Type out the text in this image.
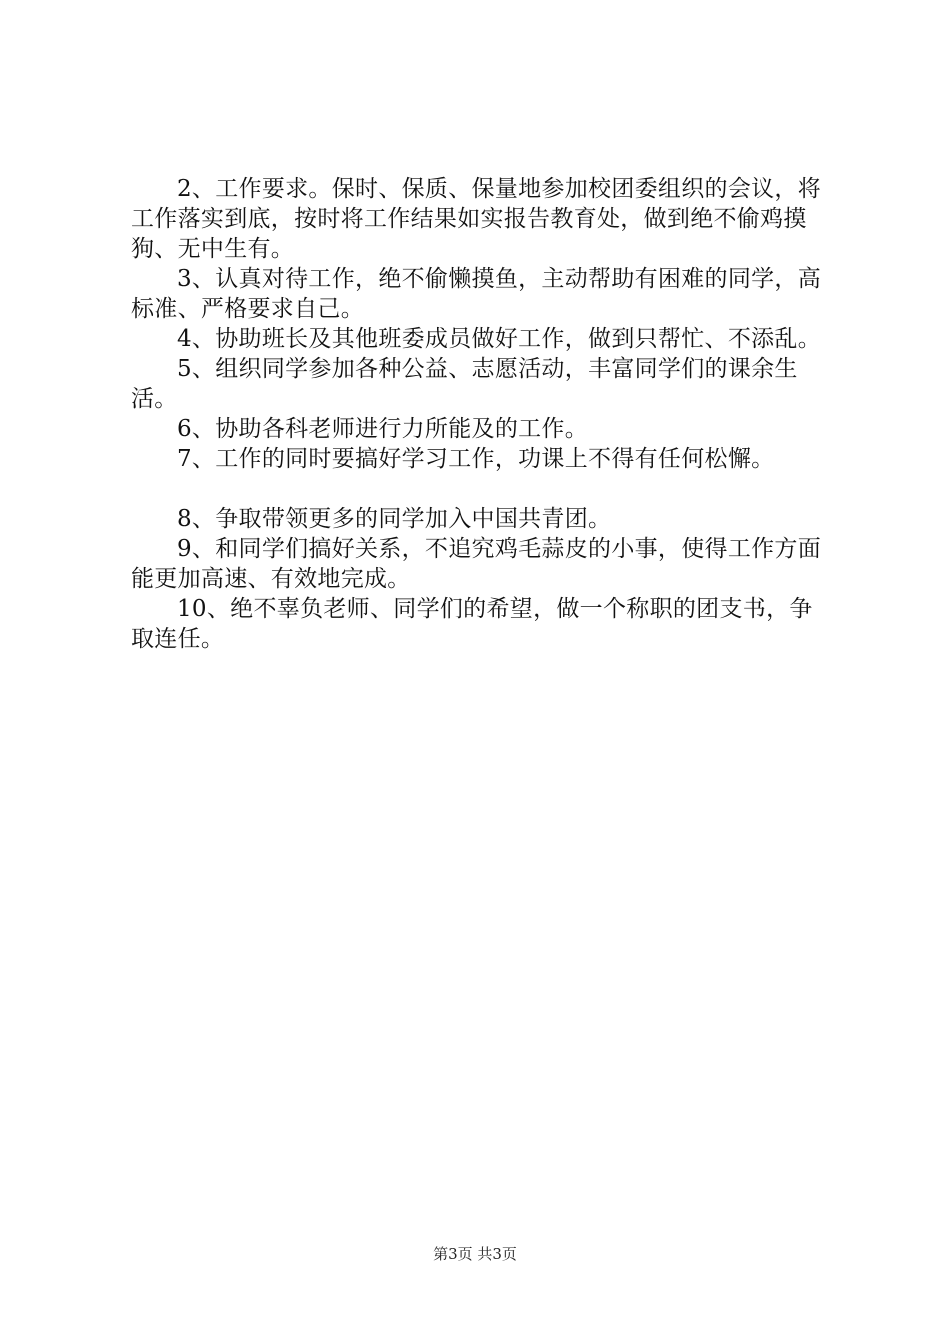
2、工作要求。保时、保质、保量地参加校团委组织的会议，将工作落实到底，按时将工作结果如实报告教育处，做到绝不偷鸡摸狗、无中生有。

3、认真对待工作，绝不偷懒摸鱼，主动帮助有困难的同学，高标准、严格要求自己。

4、协助班长及其他班委成员做好工作，做到只帮忙、不添乱。

5、组织同学参加各种公益、志愿活动，丰富同学们的课余生活。

6、协助各科老师进行力所能及的工作。

7、工作的同时要搞好学习工作，功课上不得有任何松懈。

8、争取带领更多的同学加入中国共青团。

9、和同学们搞好关系，不追究鸡毛蒜皮的小事，使得工作方面能更加高速、有效地完成。

10、绝不辜负老师、同学们的希望，做一个称职的团支书，争取连任。

第3页 共3页
